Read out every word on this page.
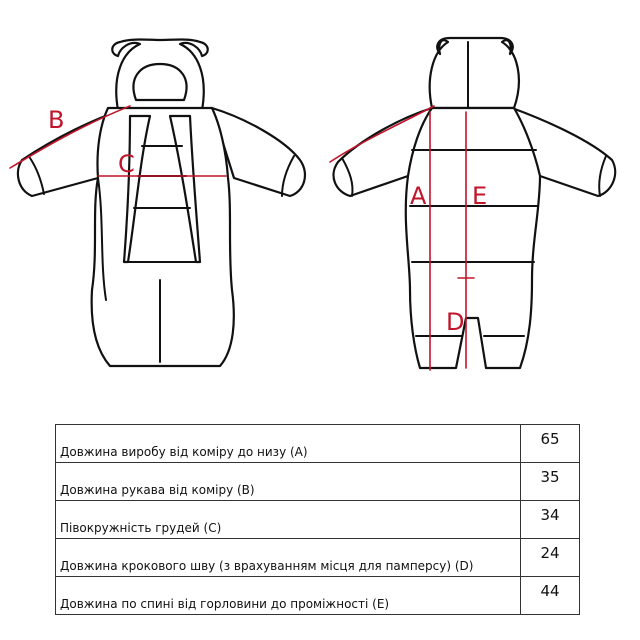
B
C
A E
D
Довжина виробу від коміру до низу (A)	65
Довжина рукава від коміру (B)	35
Півокружність грудей (C)	34
Довжина крокового шву (з врахуванням місця для памперсу) (D)	24
Довжина по спині від горловини до проміжності (E)	44
